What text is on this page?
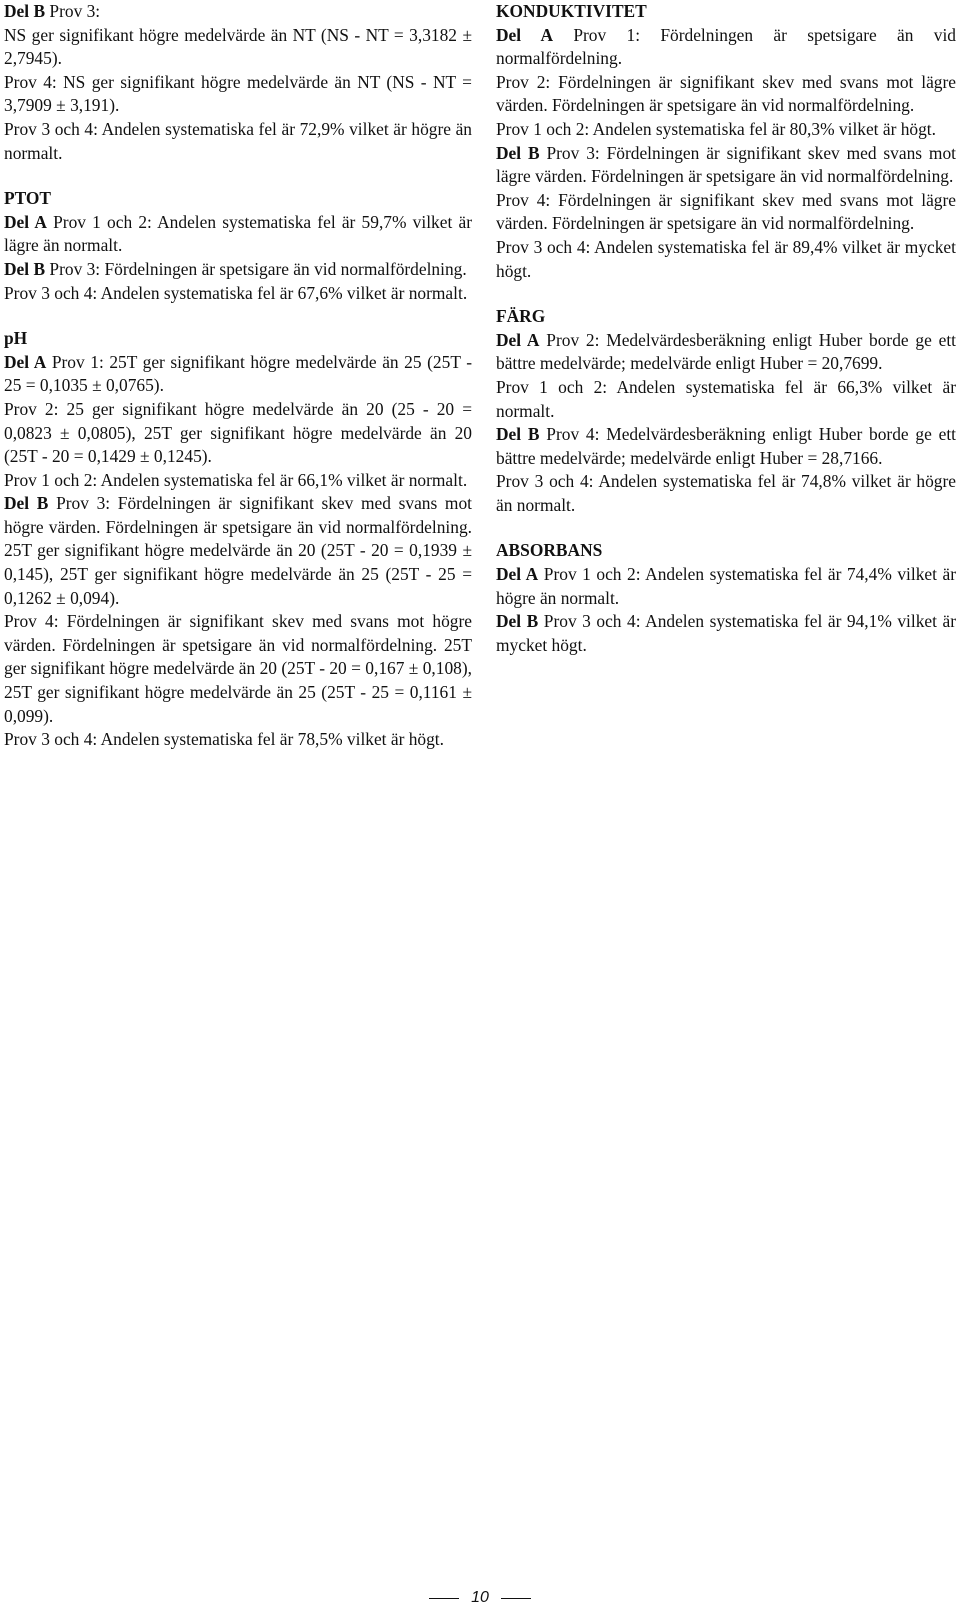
Del B Prov 3:

NS ger signifikant högre medelvärde än NT (NS - NT = 3,3182 ± 2,7945).

Prov 4: NS ger signifikant högre medelvärde än NT (NS - NT = 3,7909 ± 3,191).

Prov 3 och 4: Andelen systematiska fel är 72,9% vilket är högre än normalt.

PTOT

Del A Prov 1 och 2: Andelen systematiska fel är 59,7% vilket är lägre än normalt.

Del B Prov 3: Fördelningen är spetsigare än vid normalfördelning.

Prov 3 och 4: Andelen systematiska fel är 67,6% vilket är normalt.

pH

Del A Prov 1: 25T ger signifikant högre medelvärde än 25 (25T - 25 = 0,1035 ± 0,0765).

Prov 2: 25 ger signifikant högre medelvärde än 20 (25 - 20 = 0,0823 ± 0,0805), 25T ger signifikant högre medelvärde än 20 (25T - 20 = 0,1429 ± 0,1245).

Prov 1 och 2: Andelen systematiska fel är 66,1% vilket är normalt.

Del B Prov 3: Fördelningen är signifikant skev med svans mot högre värden. Fördelningen är spetsigare än vid normalfördelning. 25T ger signifikant högre medelvärde än 20 (25T - 20 = 0,1939 ± 0,145), 25T ger signifikant högre medelvärde än 25 (25T - 25 = 0,1262 ± 0,094).

Prov 4: Fördelningen är signifikant skev med svans mot högre värden. Fördelningen är spetsigare än vid normalfördelning. 25T ger signifikant högre medelvärde än 20 (25T - 20 = 0,167 ± 0,108), 25T ger signifikant högre medelvärde än 25 (25T - 25 = 0,1161 ± 0,099).

Prov 3 och 4: Andelen systematiska fel är 78,5% vilket är högt.

KONDUKTIVITET

Del A Prov 1: Fördelningen är spetsigare än vid normalfördelning.

Prov 2: Fördelningen är signifikant skev med svans mot lägre värden. Fördelningen är spetsigare än vid normalfördelning.

Prov 1 och 2: Andelen systematiska fel är 80,3% vilket är högt.

Del B Prov 3: Fördelningen är signifikant skev med svans mot lägre värden. Fördelningen är spetsigare än vid normalfördelning.

Prov 4: Fördelningen är signifikant skev med svans mot lägre värden. Fördelningen är spetsigare än vid normalfördelning.

Prov 3 och 4: Andelen systematiska fel är 89,4% vilket är mycket högt.

FÄRG

Del A Prov 2: Medelvärdesberäkning enligt Huber borde ge ett bättre medelvärde; medelvärde enligt Huber = 20,7699.

Prov 1 och 2: Andelen systematiska fel är 66,3% vilket är normalt.

Del B Prov 4: Medelvärdesberäkning enligt Huber borde ge ett bättre medelvärde; medelvärde enligt Huber = 28,7166.

Prov 3 och 4: Andelen systematiska fel är 74,8% vilket är högre än normalt.

ABSORBANS

Del A Prov 1 och 2: Andelen systematiska fel är 74,4% vilket är högre än normalt.

Del B Prov 3 och 4: Andelen systematiska fel är 94,1% vilket är mycket högt.

10
